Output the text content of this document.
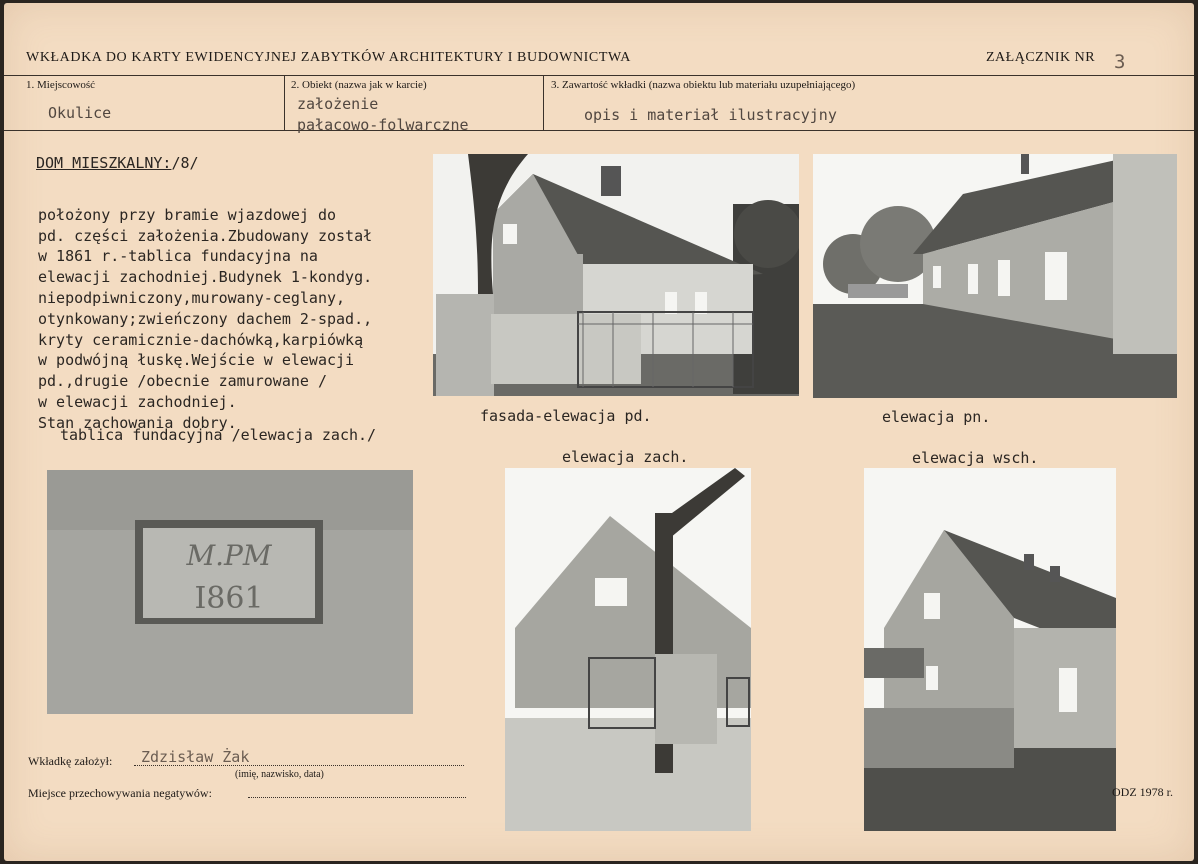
WKŁADKA DO KARTY EWIDENCYJNEJ ZABYTKÓW ARCHITEKTURY I BUDOWNICTWA	ZAŁĄCZNIK NR 3
1. Miejscowość
Okulice
2. Obiekt (nazwa jak w karcie)
założenie
pałacowo-folwarczne
3. Zawartość wkładki (nazwa obiektu lub materiału uzupełniającego)
opis i materiał ilustracyjny
DOM MIESZKALNY:/8/

położony przy bramie wjazdowej do
pd. części założenia.Zbudowany został
w 1861 r.-tablica fundacyjna na
elewacji zachodniej.Budynek 1-kondyg.
niepodpiwniczony,murowany-ceglany,
otynkowany;zwieńczony dachem 2-spad.,
kryty ceramicznie-dachówką,karpiówką
w podwójną łuskę.Wejście w elewacji
pd.,drugie /obecnie zamurowane /
w elewacji zachodniej.
Stan zachowania dobry.

tablica fundacyjna /elewacja zach./
fasada-elewacja pd.	elewacja pn.
elewacja zach.	elewacja wsch.
M.PM
I861
Wkładkę założył: Zdzisław Żak
(imię, nazwisko, data)
Miejsce przechowywania negatywów:	ODZ 1978 r.
